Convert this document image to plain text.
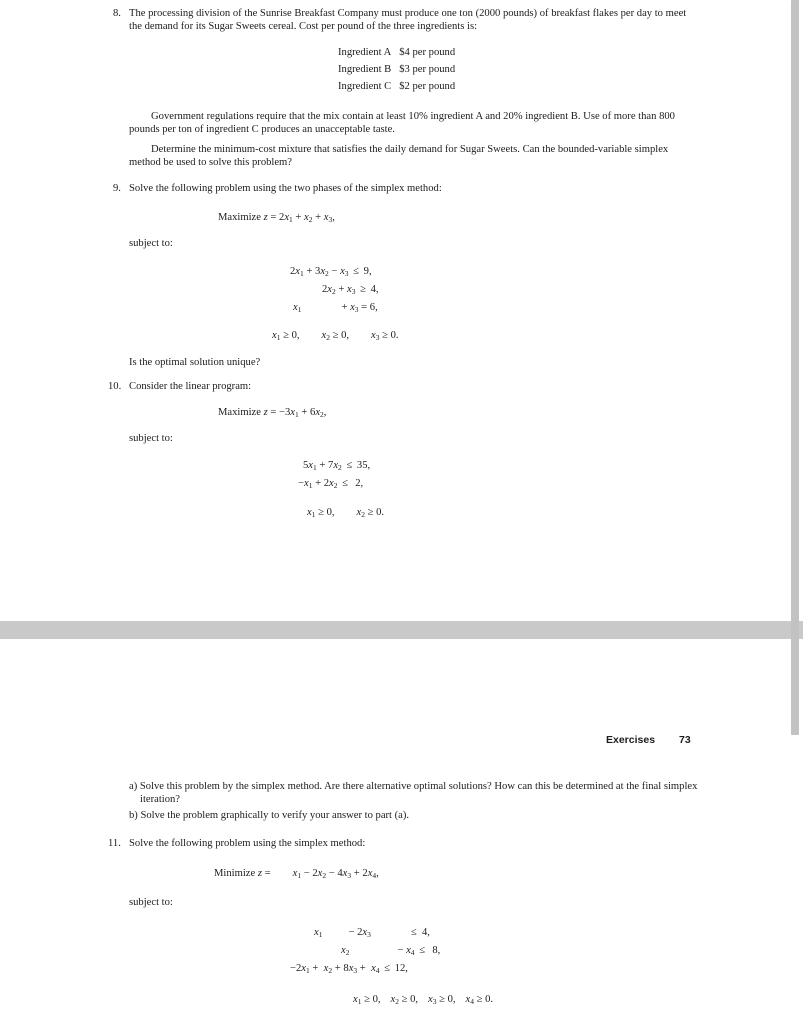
8. The processing division of the Sunrise Breakfast Company must produce one ton (2000 pounds) of breakfast flakes per day to meet the demand for its Sugar Sweets cereal. Cost per pound of the three ingredients is:
Ingredient A	$4 per pound
Ingredient B	$3 per pound
Ingredient C	$2 per pound
Government regulations require that the mix contain at least 10% ingredient A and 20% ingredient B. Use of more than 800 pounds per ton of ingredient C produces an unacceptable taste.
Determine the minimum-cost mixture that satisfies the daily demand for Sugar Sweets. Can the bounded-variable simplex method be used to solve this problem?
9. Solve the following problem using the two phases of the simplex method:
Maximize $z = 2x_1 + x_2 + x_3$,
subject to:
$2x_1 + 3x_2 - x_3 \le 9$,
$2x_2 + x_3 \ge 4$,
$x_1$	+ $x_3 = 6$,
$x_1 \ge 0$, $x_2 \ge 0$, $x_3 \ge 0$.
Is the optimal solution unique?
10. Consider the linear program:
Maximize $z = -3x_1 + 6x_2$,
subject to:
$5x_1 + 7x_2 \le 35$,
$-x_1 + 2x_2 \le 2$,
$x_1 \ge 0$, $x_2 \ge 0$.
Exercises 73
a) Solve this problem by the simplex method. Are there alternative optimal solutions? How can this be determined at the final simplex iteration?
b) Solve the problem graphically to verify your answer to part (a).
11. Solve the following problem using the simplex method:
Minimize $z = x_1 - 2x_2 - 4x_3 + 2x_4$,
subject to:
$x_1 - 2x_3$	≤  4,
$x_2$	− $x_4 \le 8$,
$-2x_1 + x_2 + 8x_3 + x_4 \le 12$,
$x_1 \ge 0$, $x_2 \ge 0$, $x_3 \ge 0$, $x_4 \ge 0$.
